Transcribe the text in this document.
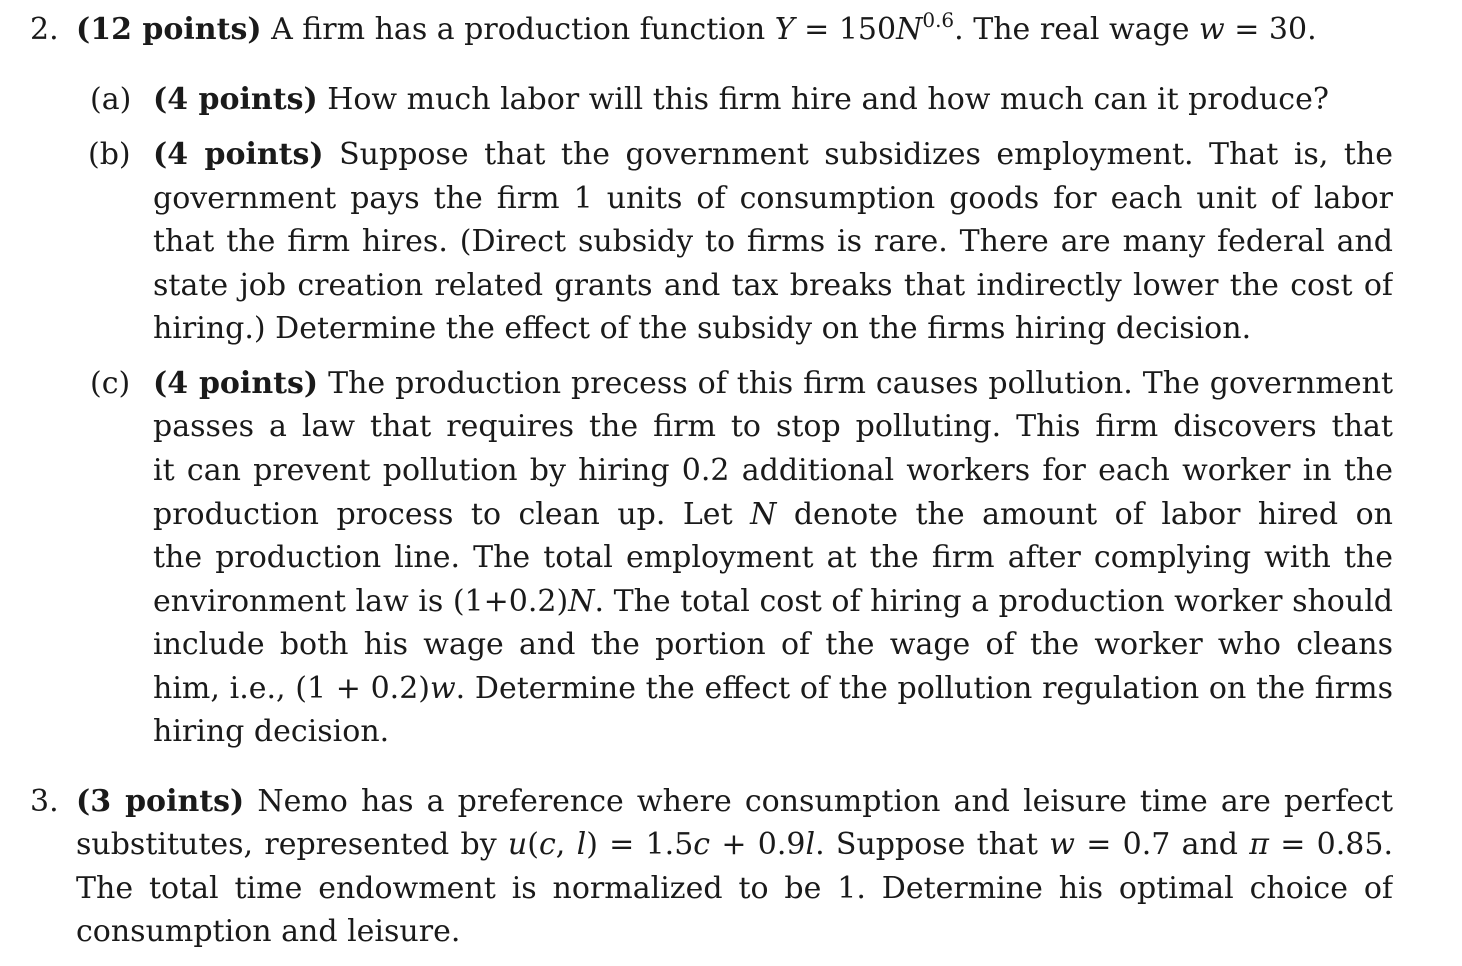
2. (12 points) A firm has a production function $Y = 150N^{0.6}$. The real wage w = 30.
(a) (4 points) How much labor will this firm hire and how much can it produce?
(b) (4 points) Suppose that the government subsidizes employment. That is, the
government pays the firm 1 units of consumption goods for each unit of labor
that the firm hires. (Direct subsidy to firms is rare. There are many federal and
state job creation related grants and tax breaks that indirectly lower the cost of
hiring.) Determine the effect of the subsidy on the firms hiring decision.
(c) (4 points) The production precess of this firm causes pollution. The government
passes a law that requires the firm to stop polluting. This firm discovers that
it can prevent pollution by hiring 0.2 additional workers for each worker in the
production process to clean up. Let N denote the amount of labor hired on
the production line. The total employment at the firm after complying with the
environment law is (1+0.2)N. The total cost of hiring a production worker should
include both his wage and the portion of the wage of the worker who cleans
him, i.e., (1 + 0.2)w. Determine the effect of the pollution regulation on the firms
hiring decision.
3. (3 points) Nemo has a preference where consumption and leisure time are perfect
substitutes, represented by u(c, l) = 1.5c + 0.9l. Suppose that w = 0.7 and π = 0.85.
The total time endowment is normalized to be 1. Determine his optimal choice of
consumption and leisure.
